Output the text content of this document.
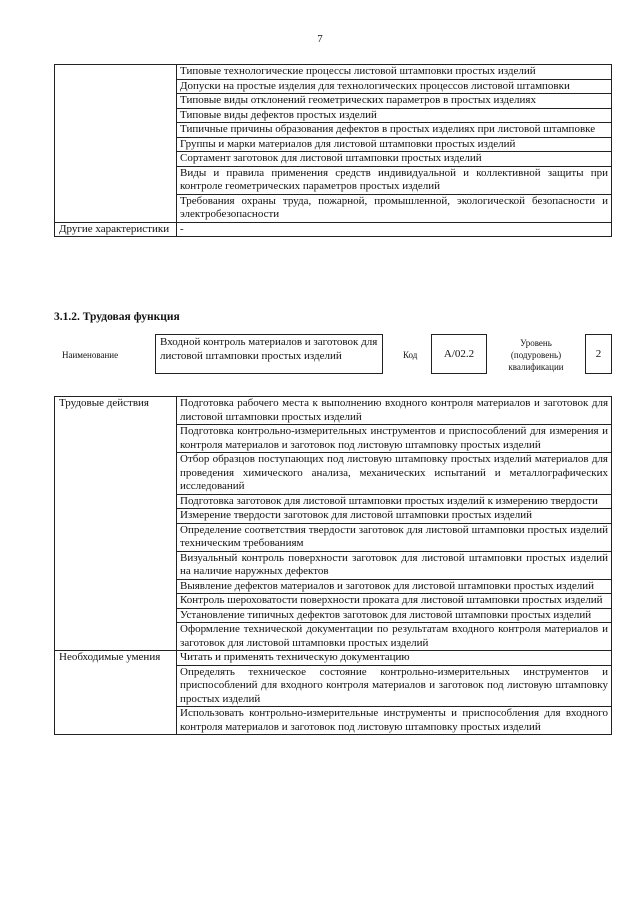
7
	Типовые технологические процессы листовой штамповки простых изделий
	Допуски на простые изделия для технологических процессов листовой штамповки
	Типовые виды отклонений геометрических параметров в простых изделиях
	Типовые виды дефектов простых изделий
	Типичные причины образования дефектов в простых изделиях при листовой штамповке
	Группы и марки материалов для листовой штамповки простых изделий
	Сортамент заготовок для листовой штамповки простых изделий
	Виды и правила применения средств индивидуальной и коллективной защиты при контроле геометрических параметров простых изделий
	Требования охраны труда, пожарной, промышленной, экологической безопасности и электробезопасности
Другие характеристики	-
3.1.2. Трудовая функция
Наименование
Входной контроль материалов и заготовок для листовой штамповки простых изделий	Код	A/02.2
Уровень (подуровень) квалификации
2
Трудовые действия	Подготовка рабочего места к выполнению входного контроля материалов и заготовок для листовой штамповки простых изделий
	Подготовка контрольно-измерительных инструментов и приспособлений для измерения и контроля материалов и заготовок под листовую штамповку простых изделий
	Отбор образцов поступающих под листовую штамповку простых изделий материалов для проведения химического анализа, механических испытаний и металлографических исследований
	Подготовка заготовок для листовой штамповки простых изделий к измерению твердости
	Измерение твердости заготовок для листовой штамповки простых изделий
	Определение соответствия твердости заготовок для листовой штамповки простых изделий техническим требованиям
	Визуальный контроль поверхности заготовок для листовой штамповки простых изделий на наличие наружных дефектов
	Выявление дефектов материалов и заготовок для листовой штамповки простых изделий
	Контроль шероховатости поверхности проката для листовой штамповки простых изделий
	Установление типичных дефектов заготовок для листовой штамповки простых изделий
	Оформление технической документации по результатам входного контроля материалов и заготовок для листовой штамповки простых изделий
Необходимые умения	Читать и применять техническую документацию
	Определять техническое состояние контрольно-измерительных инструментов и приспособлений для входного контроля материалов и заготовок под листовую штамповку простых изделий
	Использовать контрольно-измерительные инструменты и приспособления для входного контроля материалов и заготовок под листовую штамповку простых изделий
